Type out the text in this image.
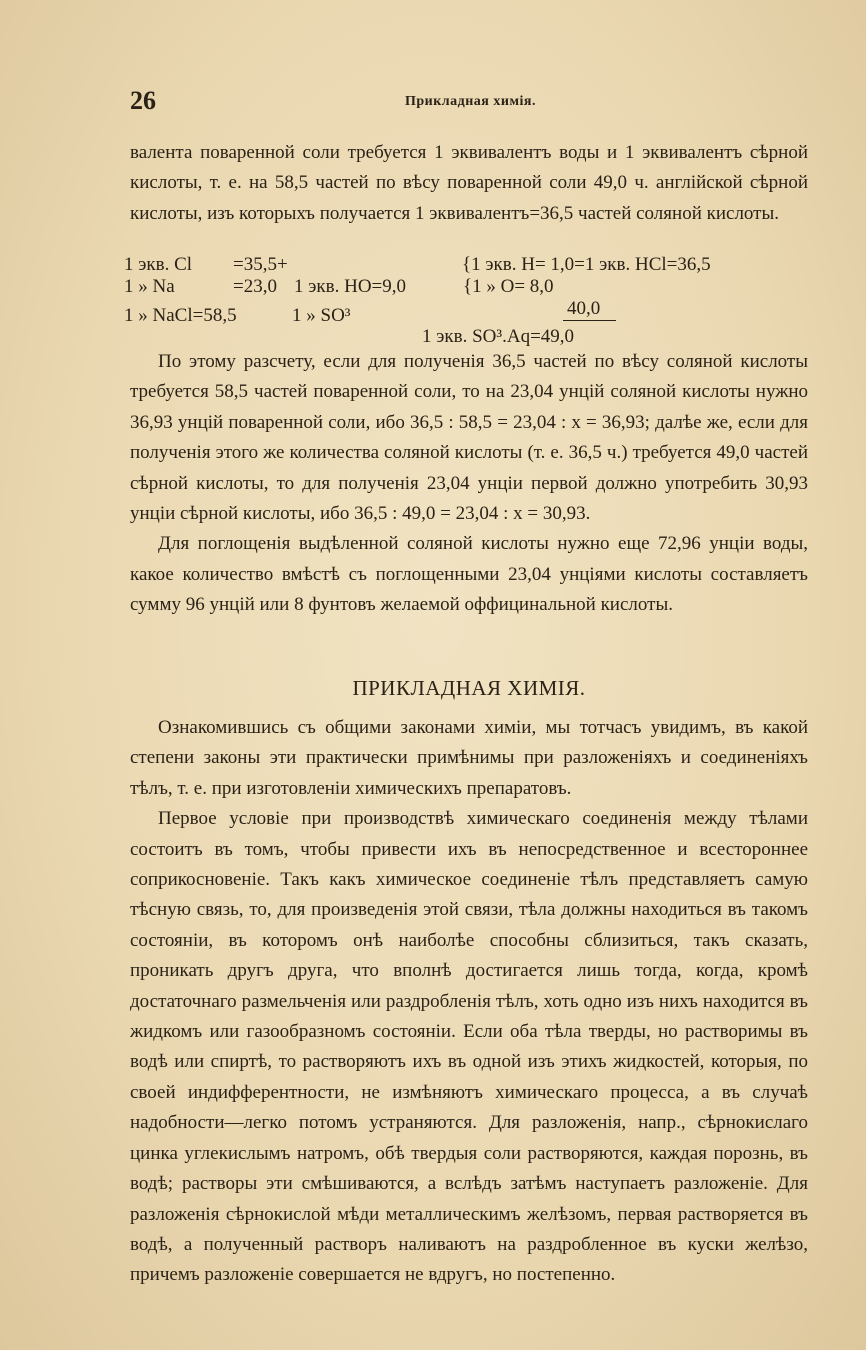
26	Прикладная химія.

валента поваренной соли требуется 1 эквивалентъ воды и 1 эквивалентъ сѣрной кислоты, т. е. на 58,5 частей по вѣсу поваренной соли 49,0 ч. англійской сѣрной кислоты, изъ которыхъ получается 1 эквивалентъ=36,5 частей соляной кислоты.

1 экв. Cl =35,5+	{1 экв. H= 1,0=1 экв. HCl=36,5
1 » Na	=23,0 1 экв. HO=9,0	{1 » O= 8,0
1 » NaCl=58,5	1 » SO³	40,0
1 экв. SO³.Aq=49,0

По этому разсчету, если для полученія 36,5 частей по вѣсу соляной кислоты требуется 58,5 частей поваренной соли, то на 23,04 унцій соляной кислоты нужно 36,93 унцій поваренной соли, ибо 36,5 : 58,5 = 23,04 : x = 36,93; далѣе же, если для полученія этого же количества соляной кислоты (т. е. 36,5 ч.) требуется 49,0 частей сѣрной кислоты, то для полученія 23,04 унціи первой должно употребить 30,93 унціи сѣрной кислоты, ибо 36,5 : 49,0 = 23,04 : x = 30,93.

Для поглощенія выдѣленной соляной кислоты нужно еще 72,96 унціи воды, какое количество вмѣстѣ съ поглощенными 23,04 унціями кислоты составляетъ сумму 96 унцій или 8 фунтовъ желаемой оффицинальной кислоты.

ПРИКЛАДНАЯ ХИМІЯ.

Ознакомившись съ общими законами химіи, мы тотчасъ увидимъ, въ какой степени законы эти практически примѣнимы при разложеніяхъ и соединеніяхъ тѣлъ, т. е. при изготовленіи химическихъ препаратовъ.

Первое условіе при производствѣ химическаго соединенія между тѣлами состоитъ въ томъ, чтобы привести ихъ въ непосредственное и всестороннее соприкосновеніе. Такъ какъ химическое соединеніе тѣлъ представляетъ самую тѣсную связь, то, для произведенія этой связи, тѣла должны находиться въ такомъ состояніи, въ которомъ онѣ наиболѣе способны сблизиться, такъ сказать, проникать другъ друга, что вполнѣ достигается лишь тогда, когда, кромѣ достаточнаго размельченія или раздробленія тѣлъ, хоть одно изъ нихъ находится въ жидкомъ или газообразномъ состояніи. Если оба тѣла тверды, но растворимы въ водѣ или спиртѣ, то растворяютъ ихъ въ одной изъ этихъ жидкостей, которыя, по своей индифферентности, не измѣняютъ химическаго процесса, а въ случаѣ надобности—легко потомъ устраняются. Для разложенія, напр., сѣрнокислаго цинка углекислымъ натромъ, обѣ твердыя соли растворяются, каждая порознь, въ водѣ; растворы эти смѣшиваются, а вслѣдъ затѣмъ наступаетъ разложеніе. Для разложенія сѣрнокислой мѣди металлическимъ желѣзомъ, первая растворяется въ водѣ, а полученный растворъ наливаютъ на раздробленное въ куски желѣзо, причемъ разложеніе совершается не вдругъ, но постепенно.
